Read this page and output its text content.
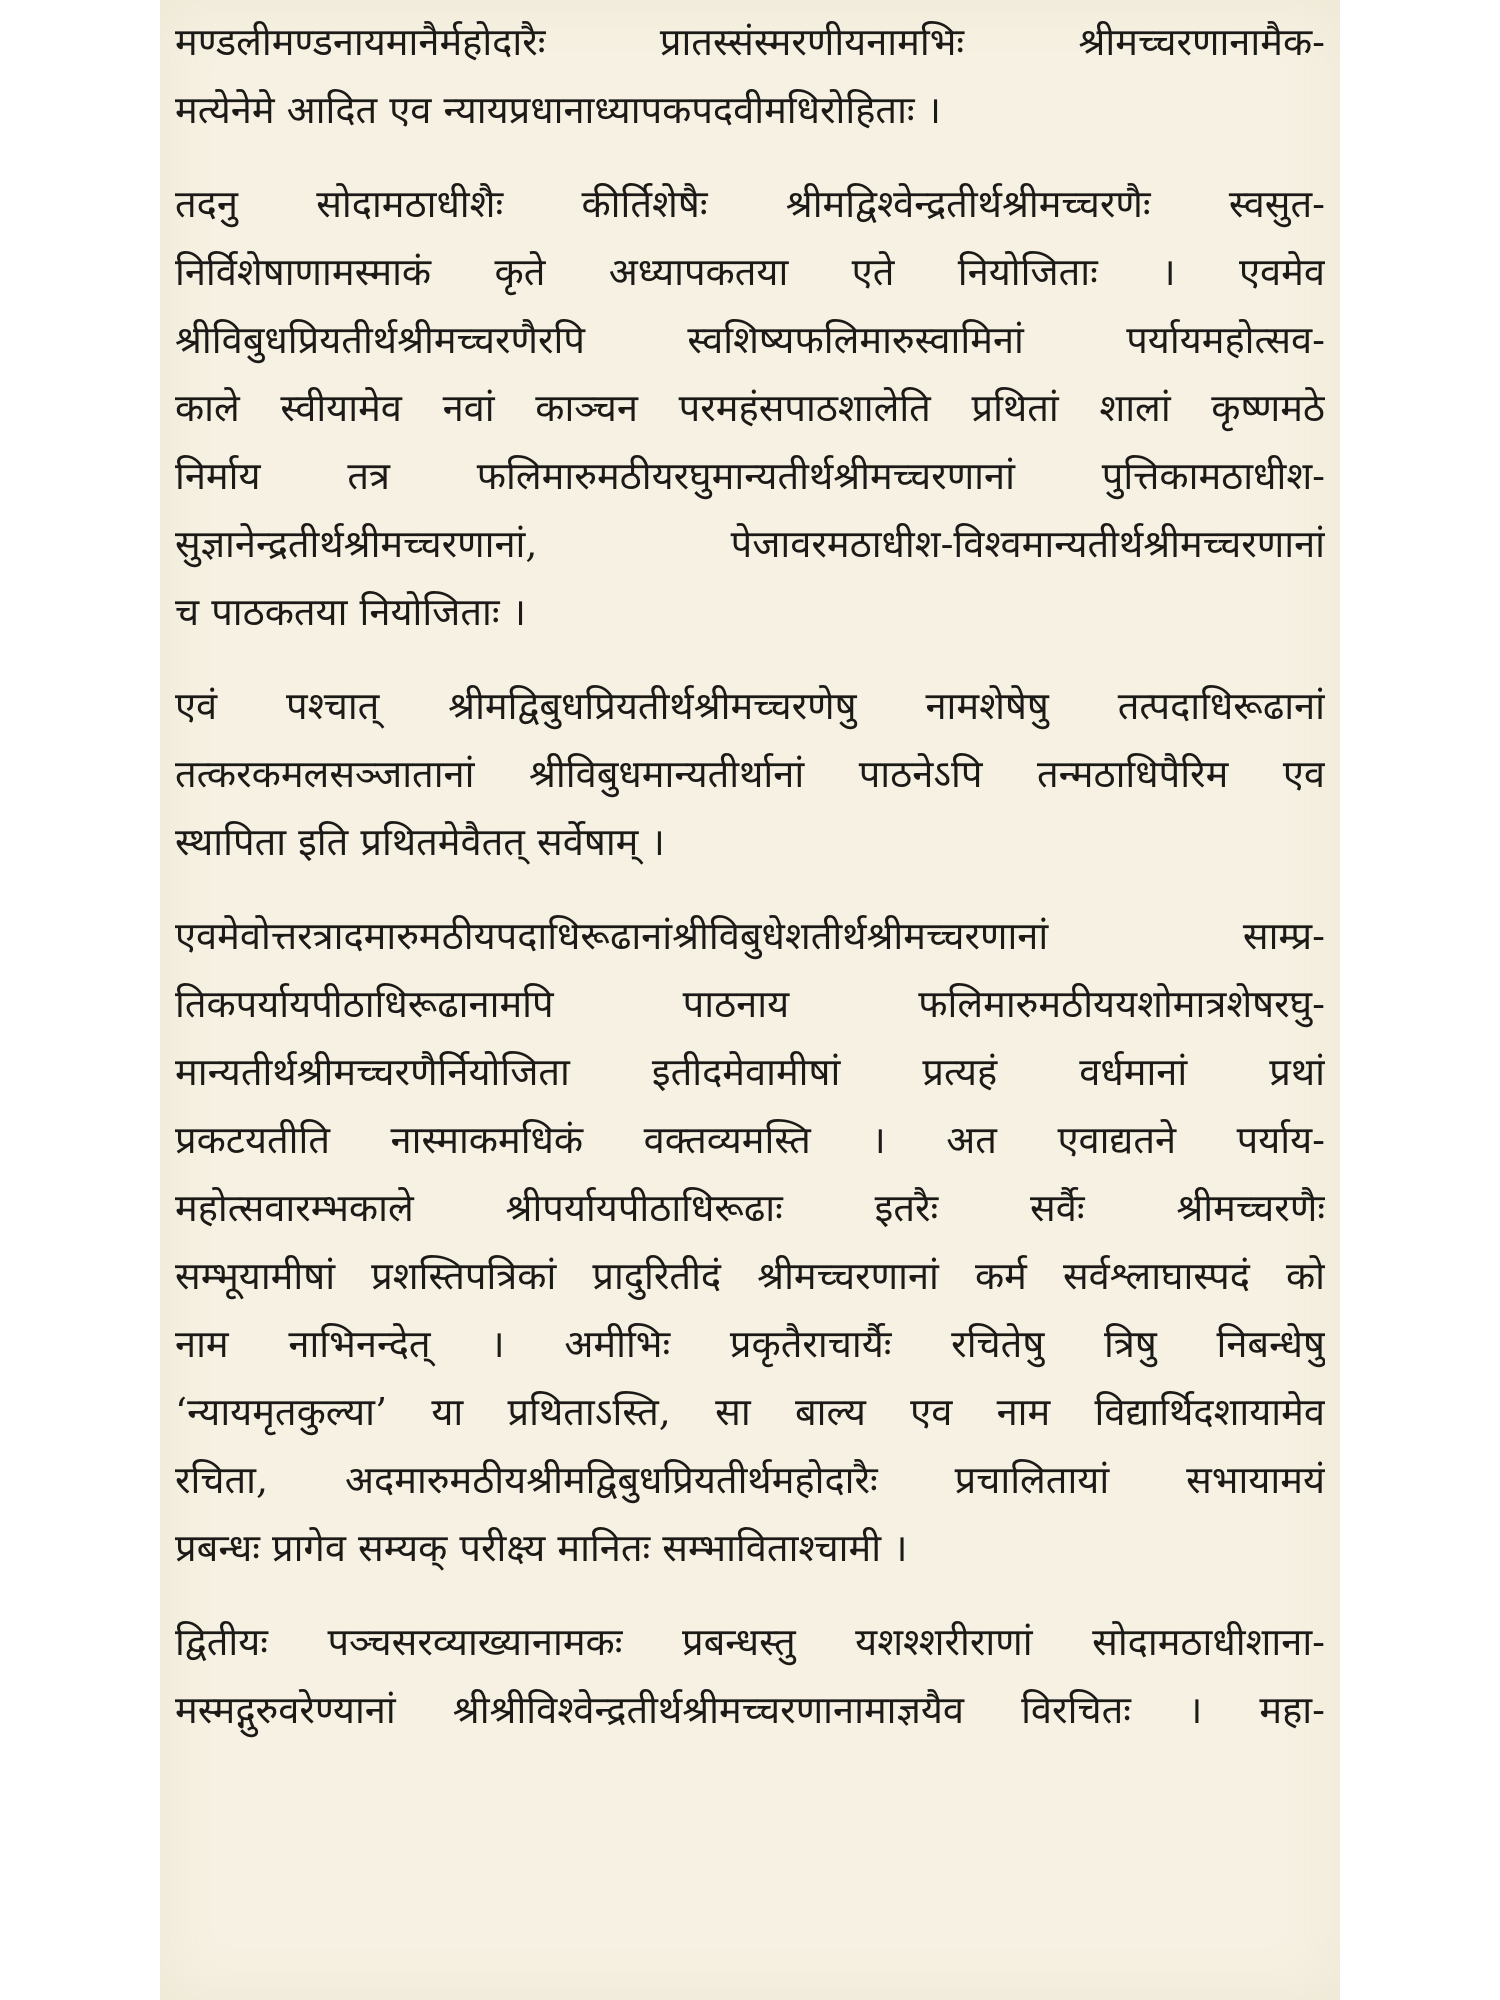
मण्डलीमण्डनायमानैर्महोदारैः प्रातस्संस्मरणीयनामभिः श्रीमच्चरणानामैक-
मत्येनेमे आदित एव न्यायप्रधानाध्यापकपदवीमधिरोहिताः ।
तदनु सोदामठाधीशैः कीर्तिशेषैः श्रीमद्विश्वेन्द्रतीर्थश्रीमच्चरणैः स्वसुत-
निर्विशेषाणामस्माकं कृते अध्यापकतया एते नियोजिताः । एवमेव
श्रीविबुधप्रियतीर्थश्रीमच्चरणैरपि स्वशिष्यफलिमारुस्वामिनां पर्यायमहोत्सव-
काले स्वीयामेव नवां काञ्चन परमहंसपाठशालेति प्रथितां शालां कृष्णमठे
निर्माय तत्र फलिमारुमठीयरघुमान्यतीर्थश्रीमच्चरणानां पुत्तिकामठाधीश-
सुज्ञानेन्द्रतीर्थश्रीमच्चरणानां, पेजावरमठाधीश-विश्वमान्यतीर्थश्रीमच्चरणानां
च पाठकतया नियोजिताः ।
एवं पश्चात् श्रीमद्विबुधप्रियतीर्थश्रीमच्चरणेषु नामशेषेषु तत्पदाधिरूढानां
तत्करकमलसञ्जातानां श्रीविबुधमान्यतीर्थानां पाठनेऽपि तन्मठाधिपैरिम एव
स्थापिता इति प्रथितमेवैतत् सर्वेषाम् ।
एवमेवोत्तरत्रादमारुमठीयपदाधिरूढानांश्रीविबुधेशतीर्थश्रीमच्चरणानां साम्प्र-
तिकपर्यायपीठाधिरूढानामपि पाठनाय फलिमारुमठीययशोमात्रशेषरघु-
मान्यतीर्थश्रीमच्चरणैर्नियोजिता इतीदमेवामीषां प्रत्यहं वर्धमानां प्रथां
प्रकटयतीति नास्माकमधिकं वक्तव्यमस्ति । अत एवाद्यतने पर्याय-
महोत्सवारम्भकाले श्रीपर्यायपीठाधिरूढाः इतरैः सर्वैः श्रीमच्चरणैः
सम्भूयामीषां प्रशस्तिपत्रिकां प्रादुरितीदं श्रीमच्चरणानां कर्म सर्वश्लाघास्पदं को
नाम नाभिनन्देत् । अमीभिः प्रकृतैराचार्यैः रचितेषु त्रिषु निबन्धेषु
‘न्यायमृतकुल्या’ या प्रथिताऽस्ति, सा बाल्य एव नाम विद्यार्थिदशायामेव
रचिता, अदमारुमठीयश्रीमद्विबुधप्रियतीर्थमहोदारैः प्रचालितायां सभायामयं
प्रबन्धः प्रागेव सम्यक् परीक्ष्य मानितः सम्भाविताश्चामी ।
द्वितीयः पञ्चसरव्याख्यानामकः प्रबन्धस्तु यशश्शरीराणां सोदामठाधीशाना-
मस्मद्गुरुवरेण्यानां श्रीश्रीविश्वेन्द्रतीर्थश्रीमच्चरणानामाज्ञयैव विरचितः । महा-
